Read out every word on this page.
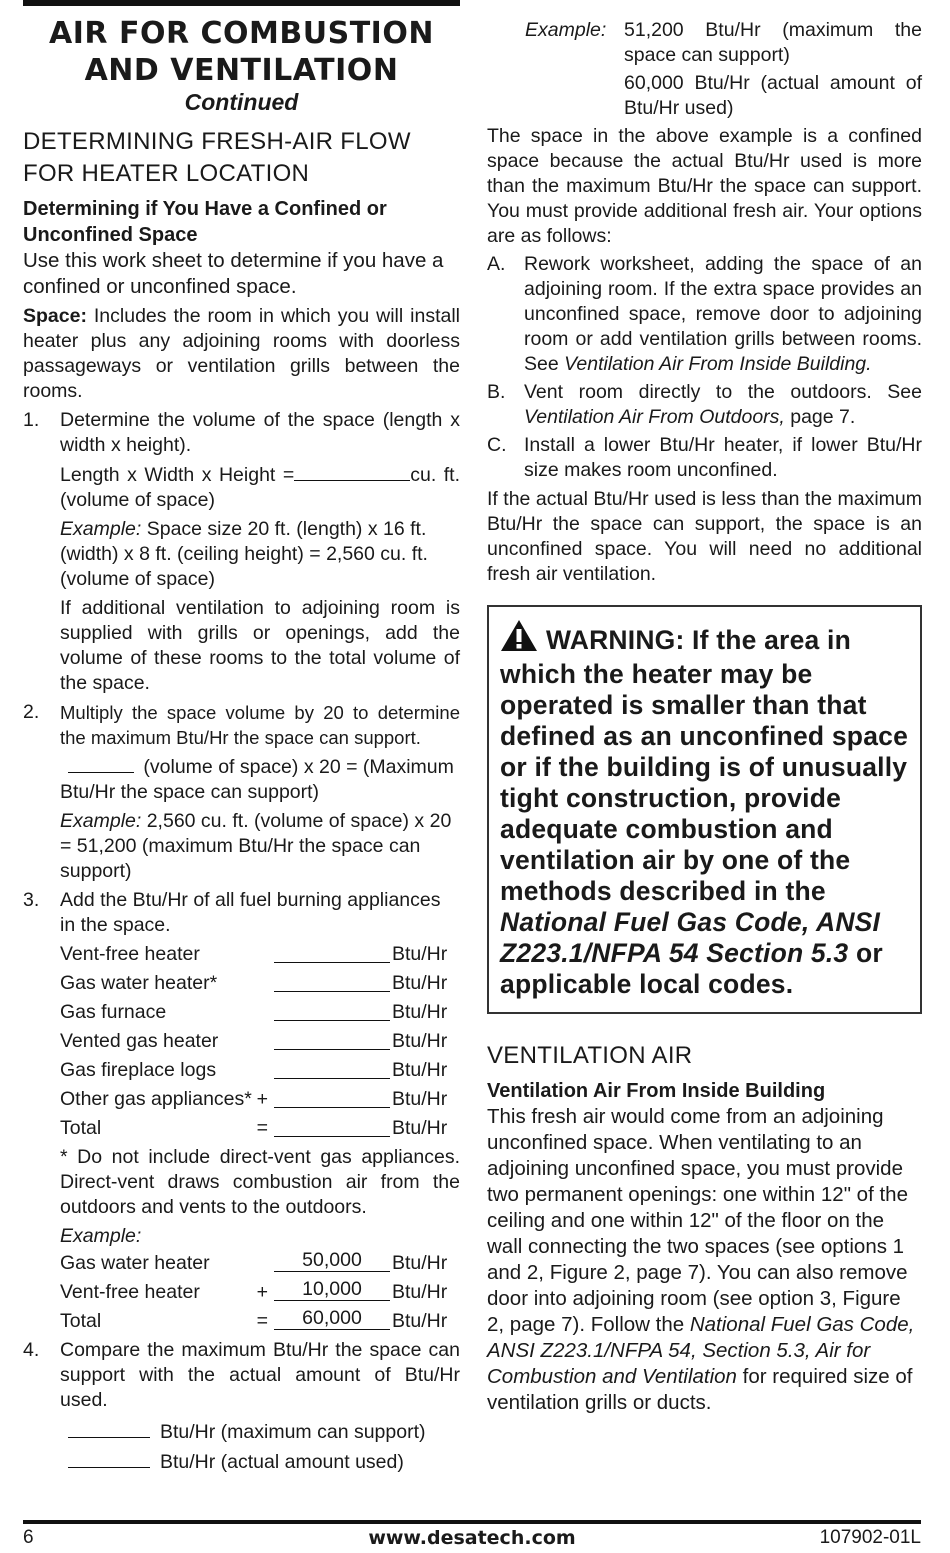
AIR FOR COMBUSTION
AND VENTILATION
Continued
DETERMINING FRESH-AIR FLOW FOR HEATER LOCATION
Determining if You Have a Confined or Unconfined Space

Use this work sheet to determine if you have a confined or unconfined space.

Space: Includes the room in which you will install heater plus any adjoining rooms with doorless passageways or ventilation grills between the rooms.

1. Determine the volume of the space (length x width x height).

Length x Width x Height =	cu. ft. (volume of space)

Example: Space size 20 ft. (length) x 16 ft. (width) x 8 ft. (ceiling height) = 2,560 cu. ft. (volume of space)

If additional ventilation to adjoining room is supplied with grills or openings, add the volume of these rooms to the total volume of the space.

2. Multiply the space volume by 20 to determine the maximum Btu/Hr the space can support.

(volume of space) x 20 = (Maximum Btu/Hr the space can support)

Example: 2,560 cu. ft. (volume of space) x 20 = 51,200 (maximum Btu/Hr the space can support)

3. Add the Btu/Hr of all fuel burning appliances in the space.

Vent-free heater	Btu/Hr
Gas water heater*	Btu/Hr
Gas furnace	Btu/Hr
Vented gas heater	Btu/Hr
Gas fireplace logs	Btu/Hr
Other gas appliances* +	Btu/Hr
Total	=	Btu/Hr

* Do not include direct-vent gas appliances. Direct-vent draws combustion air from the outdoors and vents to the outdoors.

Example:

Gas water heater	50,000	Btu/Hr
Vent-free heater	+	10,000	Btu/Hr
Total	=	60,000	Btu/Hr
4. Compare the maximum Btu/Hr the space can support with the actual amount of Btu/Hr used.

Btu/Hr (maximum can support)

Btu/Hr (actual amount used)

Example: 51,200 Btu/Hr (maximum the space can support)

60,000 Btu/Hr (actual amount of Btu/Hr used)

The space in the above example is a confined space because the actual Btu/Hr used is more than the maximum Btu/Hr the space can support. You must provide additional fresh air. Your options are as follows:

A. Rework worksheet, adding the space of an adjoining room. If the extra space provides an unconfined space, remove door to adjoining room or add ventilation grills between rooms. See Ventilation Air From Inside Building.

B. Vent room directly to the outdoors. See Ventilation Air From Outdoors, page 7.

C. Install a lower Btu/Hr heater, if lower Btu/Hr size makes room unconfined.

If the actual Btu/Hr used is less than the maximum Btu/Hr the space can support, the space is an unconfined space. You will need no additional fresh air ventilation.

WARNING: If the area in which the heater may be operated is smaller than that defined as an unconfined space or if the building is of unusually tight construction, provide adequate combustion and ventilation air by one of the methods described in the National Fuel Gas Code, ANSI Z223.1/NFPA 54 Section 5.3 or applicable local codes.
VENTILATION AIR
Ventilation Air From Inside Building

This fresh air would come from an adjoining unconfined space. When ventilating to an adjoining unconfined space, you must provide two permanent openings: one within 12" of the ceiling and one within 12" of the floor on the wall connecting the two spaces (see options 1 and 2, Figure 2, page 7). You can also remove door into adjoining room (see option 3, Figure 2, page 7). Follow the National Fuel Gas Code, ANSI Z223.1/NFPA 54, Section 5.3, Air for Combustion and Ventilation for required size of ventilation grills or ducts.

6	www.desatech.com	107902-01L
